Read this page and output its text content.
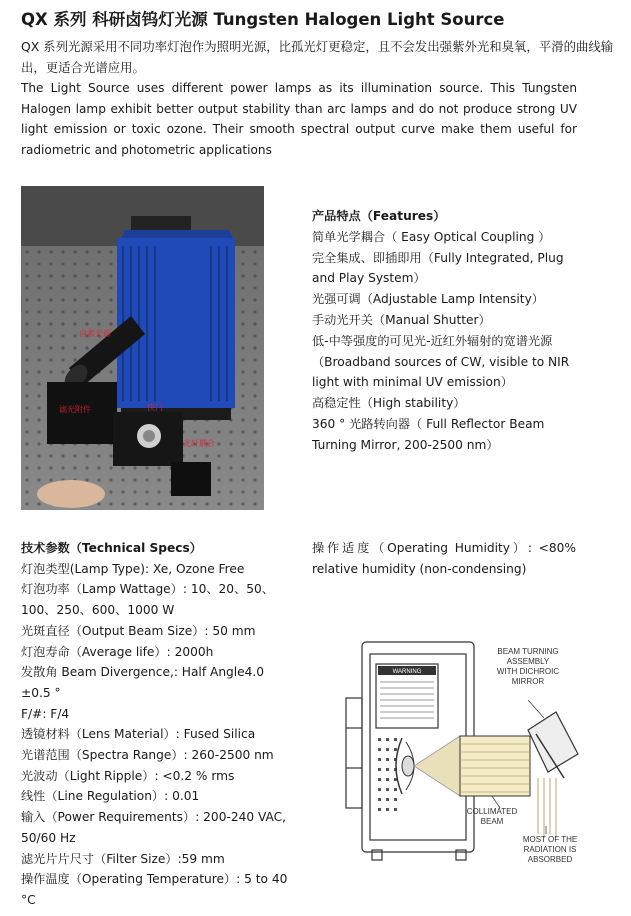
QX 系列 科研卤钨灯光源 Tungsten Halogen Light Source
QX 系列光源采用不同功率灯泡作为照明光源，比孤光灯更稳定，且不会发出强紫外光和臭氧，平滑的曲线输出，更适合光谱应用。
The Light Source uses different power lamps as its illumination source. This Tungsten Halogen lamp exhibit better output stability than arc lamps and do not produce strong UV light emission or toxic ozone. Their smooth spectral output curve make them useful for radiometric and photometric applications
卤素光源
滤光附件	快门
光纤耦合
产品特点（Features）
简单光学耦合（ Easy Optical Coupling ）
完全集成、即插即用（Fully Integrated, Plug and Play System）
光强可调（Adjustable Lamp Intensity）
手动光开关（Manual Shutter）
低-中等强度的可见光-近红外辐射的宽谱光源（Broadband sources of CW, visible to NIR light with minimal UV emission）
高稳定性（High stability）
360 ° 光路转向器（ Full Reflector Beam Turning Mirror, 200-2500 nm）
技术参数（Technical Specs）
灯泡类型(Lamp Type): Xe, Ozone Free
灯泡功率（Lamp Wattage）: 10、20、50、100、250、600、1000 W
光斑直径（Output Beam Size）: 50 mm
灯泡寿命（Average life）: 2000h
发散角 Beam Divergence,: Half Angle4.0 ±0.5 °
F/#: F/4
透镜材料（Lens Material）: Fused Silica
光谱范围（Spectra Range）: 260-2500 nm
光波动（Light Ripple）: <0.2 % rms
线性（Line Regulation）: 0.01
输入（Power Requirements）: 200-240 VAC, 50/60 Hz
滤光片片尺寸（Filter Size）:59 mm
操作温度（Operating Temperature）: 5 to 40 °C
操作适度（Operating Humidity）: <80% relative humidity (non-condensing)
WARNING
BEAM TURNING
ASSEMBLY
WITH DICHROIC
MIRROR
COLLIMATED
BEAM
MOST OF THE
RADIATION IS
ABSORBED
